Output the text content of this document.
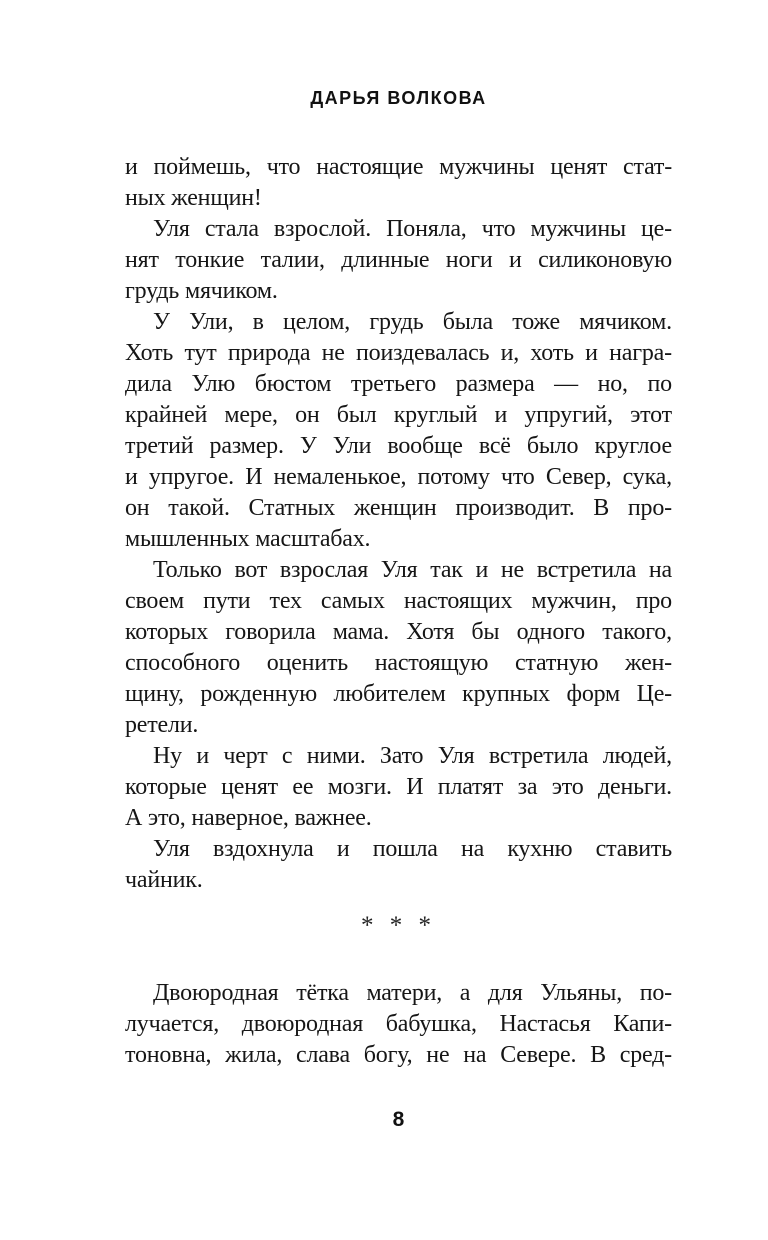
ДАРЬЯ ВОЛКОВА
и поймешь, что настоящие мужчины ценят стат-
ных женщин!
Уля стала взрослой. Поняла, что мужчины це-
нят тонкие талии, длинные ноги и силиконовую
грудь мячиком.
У Ули, в целом, грудь была тоже мячиком.
Хоть тут природа не поиздевалась и, хоть и награ-
дила Улю бюстом третьего размера — но, по
крайней мере, он был круглый и упругий, этот
третий размер. У Ули вообще всё было круглое
и упругое. И немаленькое, потому что Север, сука,
он такой. Статных женщин производит. В про-
мышленных масштабах.
Только вот взрослая Уля так и не встретила на
своем пути тех самых настоящих мужчин, про
которых говорила мама. Хотя бы одного такого,
способного оценить настоящую статную жен-
щину, рожденную любителем крупных форм Це-
ретели.
Ну и черт с ними. Зато Уля встретила людей,
которые ценят ее мозги. И платят за это деньги.
А это, наверное, важнее.
Уля вздохнула и пошла на кухню ставить
чайник.
* * *
Двоюродная тётка матери, а для Ульяны, по-
лучается, двоюродная бабушка, Настасья Капи-
тоновна, жила, слава богу, не на Севере. В сред-
8
